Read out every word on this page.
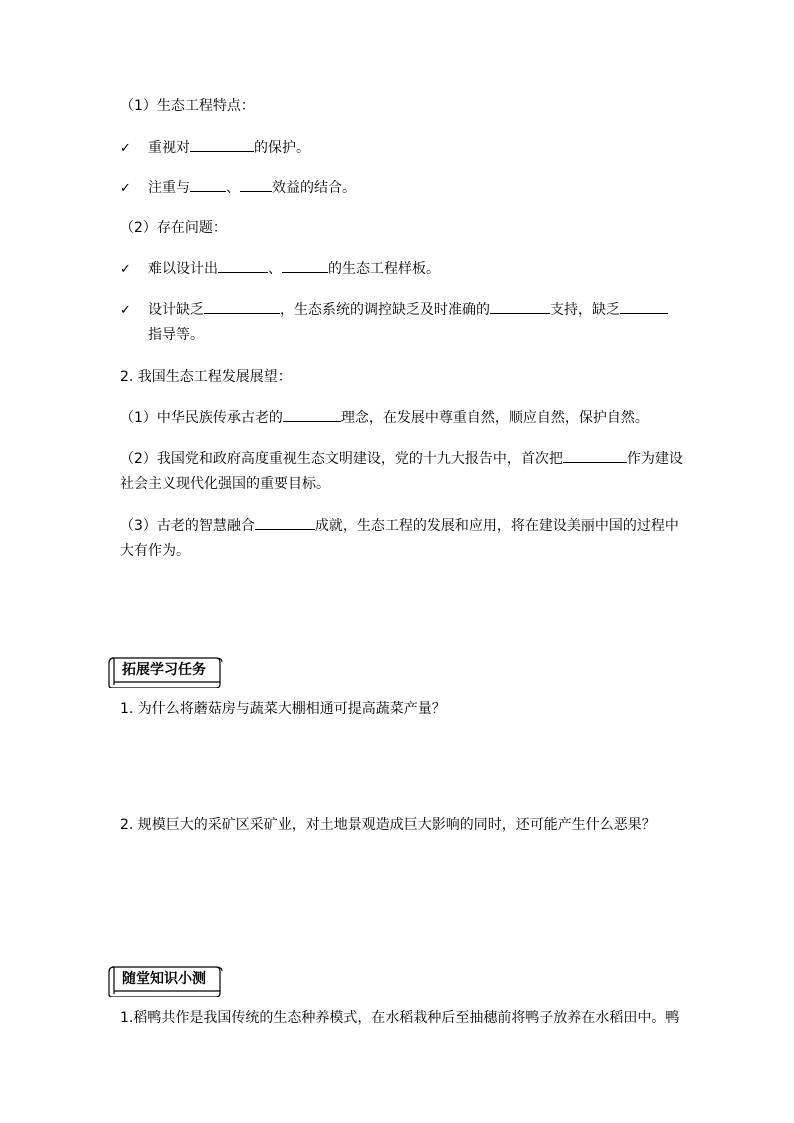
（1）生态工程特点：
✓ 重视对	的保护。
✓ 注重与	、 效益的结合。
（2）存在问题：
✓ 难以设计出	、	的生态工程样板。
✓ 设计缺乏	，生态系统的调控缺乏及时准确的	支持，缺乏
指导等。
2. 我国生态工程发展展望：
（1）中华民族传承古老的	理念，在发展中尊重自然，顺应自然，保护自然。
（2）我国党和政府高度重视生态文明建设，党的十九大报告中，首次把	作为建设
社会主义现代化强国的重要目标。
（3）古老的智慧融合	成就，生态工程的发展和应用，将在建设美丽中国的过程中
大有作为。
拓展学习任务
1. 为什么将蘑菇房与蔬菜大棚相通可提高蔬菜产量？
2. 规模巨大的采矿区采矿业，对土地景观造成巨大影响的同时，还可能产生什么恶果？
随堂知识小测
1.稻鸭共作是我国传统的生态种养模式，在水稻栽种后至抽穗前将鸭子放养在水稻田中。鸭
